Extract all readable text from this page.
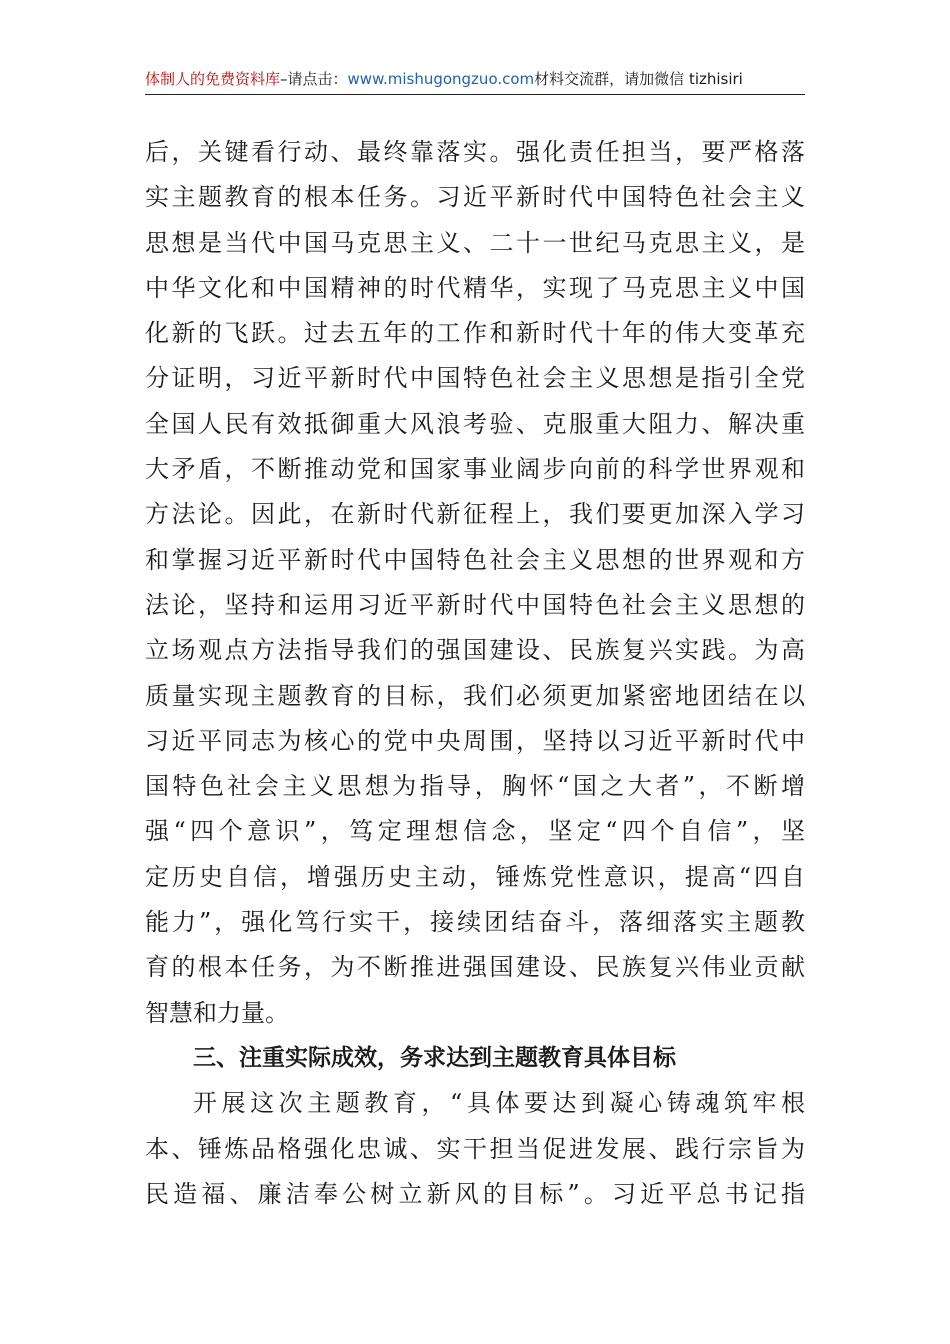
体制人的免费资料库–请点击：www.mishugongzuo.com材料交流群，请加微信 tizhisiri
后，关键看行动、最终靠落实。强化责任担当，要严格落
实主题教育的根本任务。习近平新时代中国特色社会主义
思想是当代中国马克思主义、二十一世纪马克思主义，是
中华文化和中国精神的时代精华，实现了马克思主义中国
化新的飞跃。过去五年的工作和新时代十年的伟大变革充
分证明，习近平新时代中国特色社会主义思想是指引全党
全国人民有效抵御重大风浪考验、克服重大阻力、解决重
大矛盾，不断推动党和国家事业阔步向前的科学世界观和
方法论。因此，在新时代新征程上，我们要更加深入学习
和掌握习近平新时代中国特色社会主义思想的世界观和方
法论，坚持和运用习近平新时代中国特色社会主义思想的
立场观点方法指导我们的强国建设、民族复兴实践。为高
质量实现主题教育的目标，我们必须更加紧密地团结在以
习近平同志为核心的党中央周围，坚持以习近平新时代中
国特色社会主义思想为指导，胸怀“国之大者”，不断增
强“四个意识”，笃定理想信念，坚定“四个自信”，坚
定历史自信，增强历史主动，锤炼党性意识，提高“四自
能力”，强化笃行实干，接续团结奋斗，落细落实主题教
育的根本任务，为不断推进强国建设、民族复兴伟业贡献
智慧和力量。
三、注重实际成效，务求达到主题教育具体目标
开展这次主题教育，“具体要达到凝心铸魂筑牢根
本、锤炼品格强化忠诚、实干担当促进发展、践行宗旨为
民造福、廉洁奉公树立新风的目标”。习近平总书记指
